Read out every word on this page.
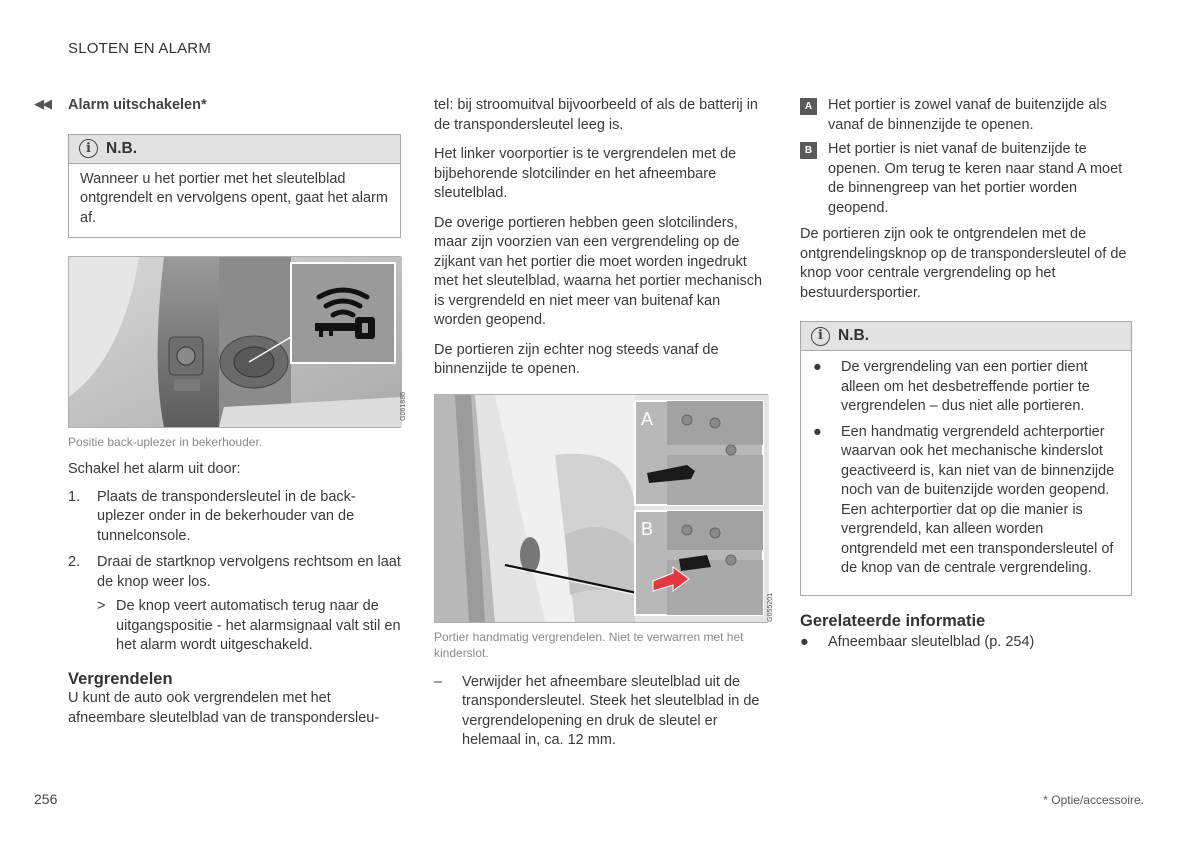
SLOTEN EN ALARM
◀◀ Alarm uitschakelen*
i N.B.
Wanneer u het portier met het sleutelblad ontgrendelt en vervolgens opent, gaat het alarm af.
G061886
Positie back-uplezer in bekerhouder.

Schakel het alarm uit door:

1.	Plaats de transpondersleutel in de back-uplezer onder in de bekerhouder van de tunnelconsole.
2.	Draai de startknop vervolgens rechtsom en laat de knop weer los.
> De knop veert automatisch terug naar de uitgangspositie - het alarmsignaal valt stil en het alarm wordt uitgeschakeld.
Vergrendelen

U kunt de auto ook vergrendelen met het afneembare sleutelblad van de transpondersleu-

tel: bij stroomuitval bijvoorbeeld of als de batterij in de transpondersleutel leeg is.

Het linker voorportier is te vergrendelen met de bijbehorende slotcilinder en het afneembare sleutelblad.

De overige portieren hebben geen slotcilinders, maar zijn voorzien van een vergrendeling op de zijkant van het portier die moet worden ingedrukt met het sleutelblad, waarna het portier mechanisch is vergrendeld en niet meer van buitenaf kan worden geopend.

De portieren zijn echter nog steeds vanaf de binnenzijde te openen.

A
B
G055201
Portier handmatig vergrendelen. Niet te verwarren met het kinderslot.
–	Verwijder het afneembare sleutelblad uit de transpondersleutel. Steek het sleutelblad in de vergrendelopening en druk de sleutel er helemaal in, ca. 12 mm.
A	Het portier is zowel vanaf de buitenzijde als vanaf de binnenzijde te openen.
B	Het portier is niet vanaf de buitenzijde te openen. Om terug te keren naar stand A moet de binnengreep van het portier worden geopend.

De portieren zijn ook te ontgrendelen met de ontgrendelingsknop op de transpondersleutel of de knop voor centrale vergrendeling op het bestuurdersportier.

i N.B.
●	De vergrendeling van een portier dient alleen om het desbetreffende portier te vergrendelen – dus niet alle portieren.
●	Een handmatig vergrendeld achterportier waarvan ook het mechanische kinderslot geactiveerd is, kan niet van de binnenzijde noch van de buitenzijde worden geopend. Een achterportier dat op die manier is vergrendeld, kan alleen worden ontgrendeld met een transpondersleutel of de knop van de centrale vergrendeling.
Gerelateerde informatie
●	Afneembaar sleutelblad (p. 254)
256	* Optie/accessoire.
